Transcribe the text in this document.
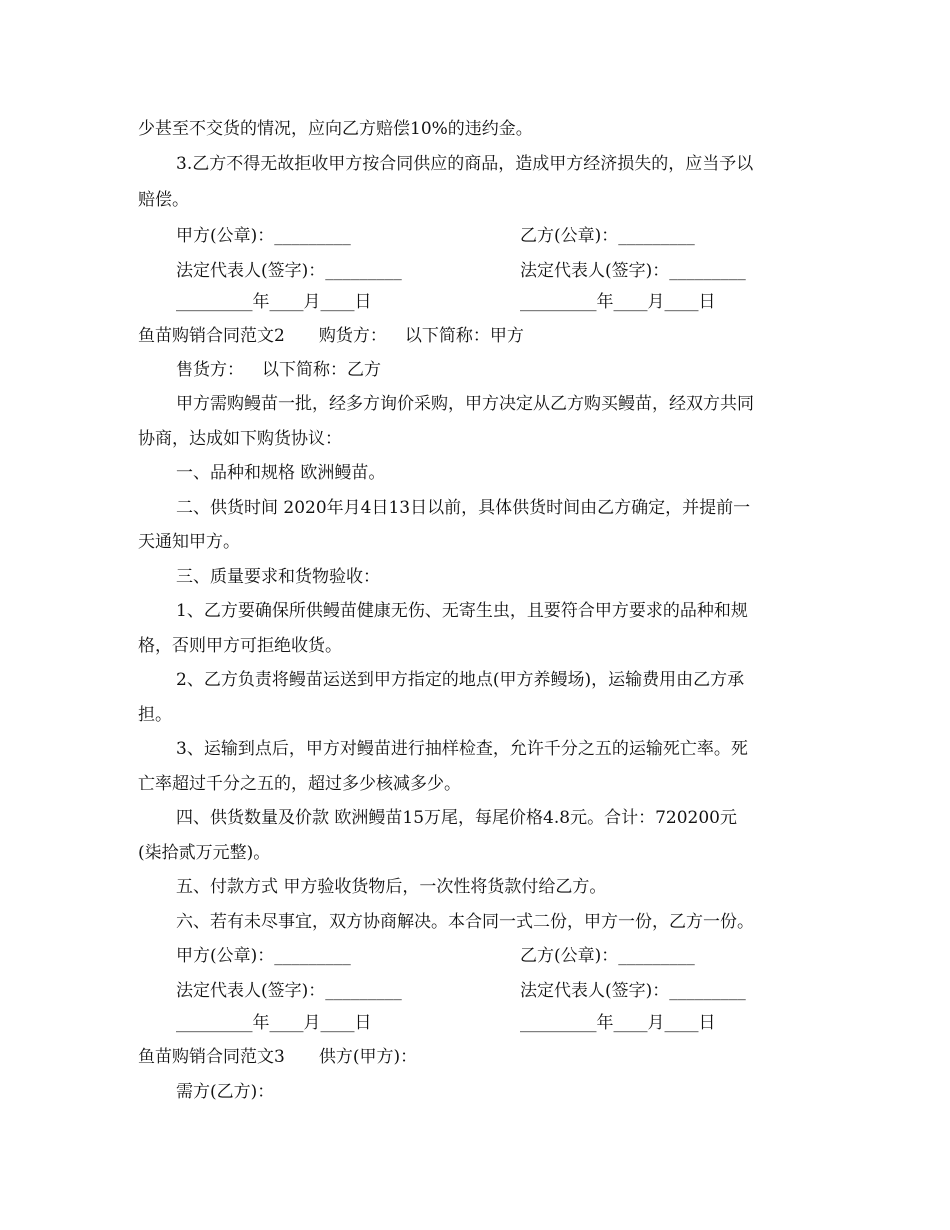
少甚至不交货的情况，应向乙方赔偿10%的违约金。
3.乙方不得无故拒收甲方按合同供应的商品，造成甲方经济损失的，应当予以
赔偿。
甲方(公章)：_________	乙方(公章)：_________
法定代表人(签字)：_________	法定代表人(签字)：_________
_________年____月____日	_________年____月____日
鱼苗购销合同范文2 购货方： 以下简称：甲方
售货方： 以下简称：乙方
甲方需购鳗苗一批，经多方询价采购，甲方决定从乙方购买鳗苗，经双方共同
协商，达成如下购货协议：
一、品种和规格 欧洲鳗苗。
二、供货时间 2020年月4日13日以前，具体供货时间由乙方确定，并提前一
天通知甲方。
三、质量要求和货物验收：
1、乙方要确保所供鳗苗健康无伤、无寄生虫，且要符合甲方要求的品种和规
格，否则甲方可拒绝收货。
2、乙方负责将鳗苗运送到甲方指定的地点(甲方养鳗场)，运输费用由乙方承
担。
3、运输到点后，甲方对鳗苗进行抽样检查，允许千分之五的运输死亡率。死
亡率超过千分之五的，超过多少核减多少。
四、供货数量及价款 欧洲鳗苗15万尾，每尾价格4.8元。合计：720200元
(柒拾贰万元整)。
五、付款方式 甲方验收货物后，一次性将货款付给乙方。
六、若有未尽事宜，双方协商解决。本合同一式二份，甲方一份，乙方一份。
甲方(公章)：_________	乙方(公章)：_________
法定代表人(签字)：_________	法定代表人(签字)：_________
_________年____月____日	_________年____月____日
鱼苗购销合同范文3 供方(甲方)：
需方(乙方)：
